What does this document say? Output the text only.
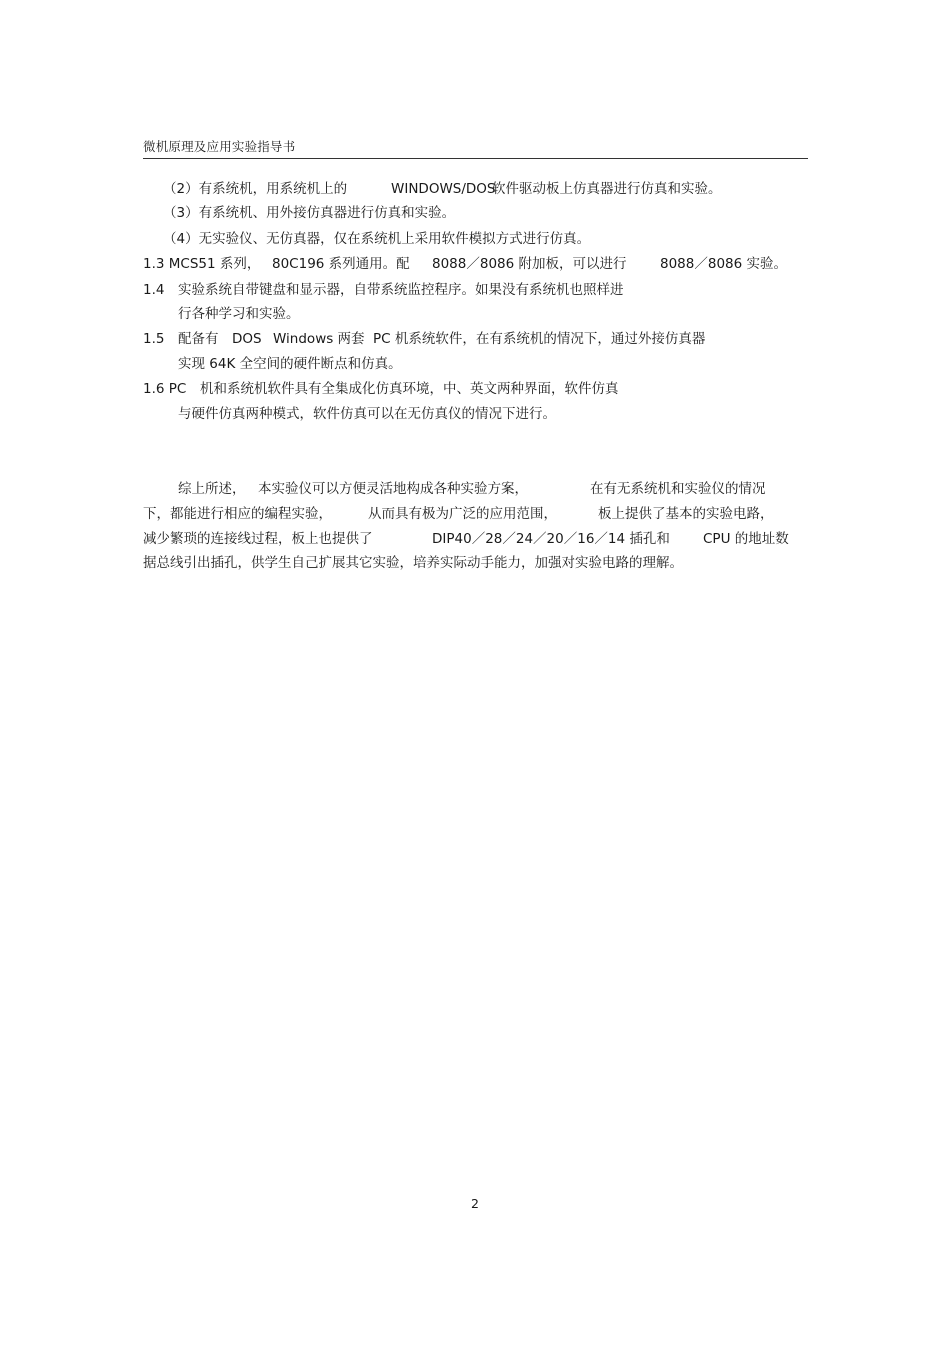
微机原理及应用实验指导书
（2）有系统机，用系统机上的	WINDOWS/DOS
软件驱动板上仿真器进行仿真和实验。
（3）有系统机、用外接仿真器进行仿真和实验。
（4）无实验仪、无仿真器，仅在系统机上采用软件模拟方式进行仿真。
1.3 MCS51 系列， 80C196 系列通用。配 8088／8086 附加板，可以进行 8088／8086 实验。
1.4 实验系统自带键盘和显示器，自带系统监控程序。如果没有系统机也照样进
行各种学习和实验。
1.5 配备有 DOS Windows 两套 PC 机系统软件，在有系统机的情况下，通过外接仿真器
实现 64K 全空间的硬件断点和仿真。
1.6 PC 机和系统机软件具有全集成化仿真环境，中、英文两种界面，软件仿真
与硬件仿真两种模式，软件仿真可以在无仿真仪的情况下进行。
综上所述， 本实验仪可以方便灵活地构成各种实验方案，	在有无系统机和实验仪的情况
下，都能进行相应的编程实验，	从而具有极为广泛的应用范围，	板上提供了基本的实验电路，
减少繁琐的连接线过程，板上也提供了	DIP40／28／24／20／16／14 插孔和 CPU 的地址数
据总线引出插孔，供学生自己扩展其它实验，培养实际动手能力，加强对实验电路的理解。
2
